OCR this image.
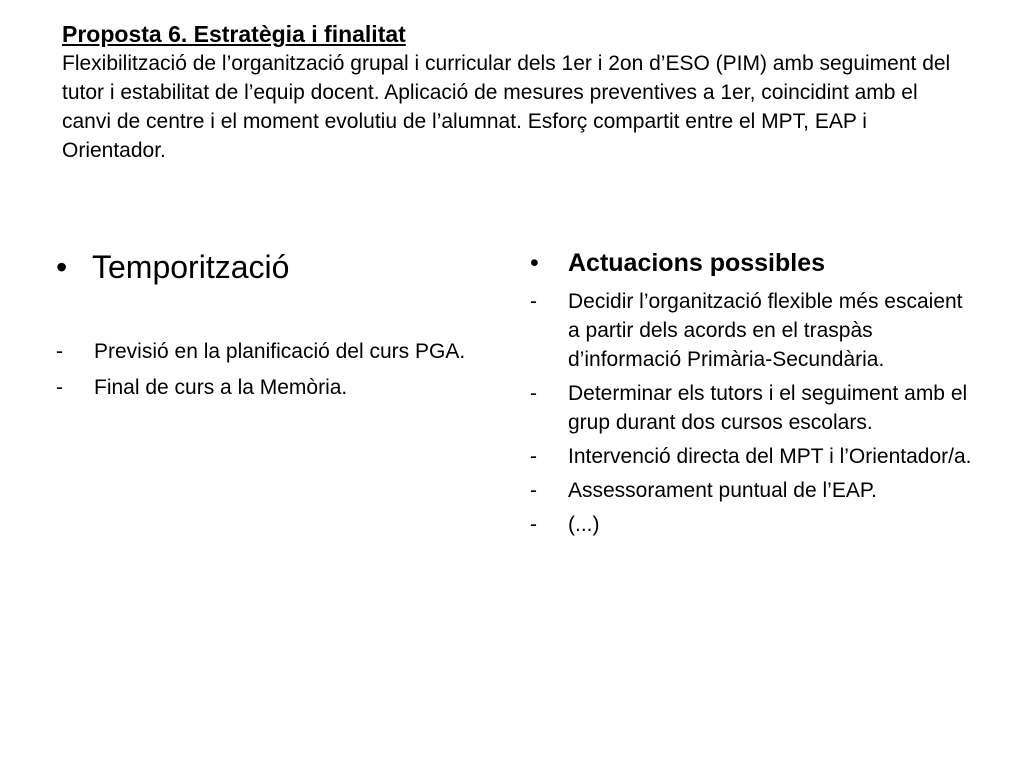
Proposta 6. Estratègia i finalitat
Flexibilització de l’organització grupal i curricular dels 1er i 2on d’ESO (PIM) amb seguiment del tutor i estabilitat de l’equip docent. Aplicació de mesures preventives a 1er, coincidint amb el canvi de centre i el moment evolutiu de l’alumnat. Esforç compartit entre el MPT, EAP i Orientador.
• Temporització
-	Previsió en la planificació del curs PGA.
-	Final de curs a la Memòria.
•	Actuacions possibles
-	Decidir l’organització flexible més escaient a partir dels acords en el traspàs d’informació Primària-Secundària.
-	Determinar els tutors i el seguiment amb el grup durant dos cursos escolars.
-	Intervenció directa del MPT i l’Orientador/a.
-	Assessorament puntual de l’EAP.
-	(...)
